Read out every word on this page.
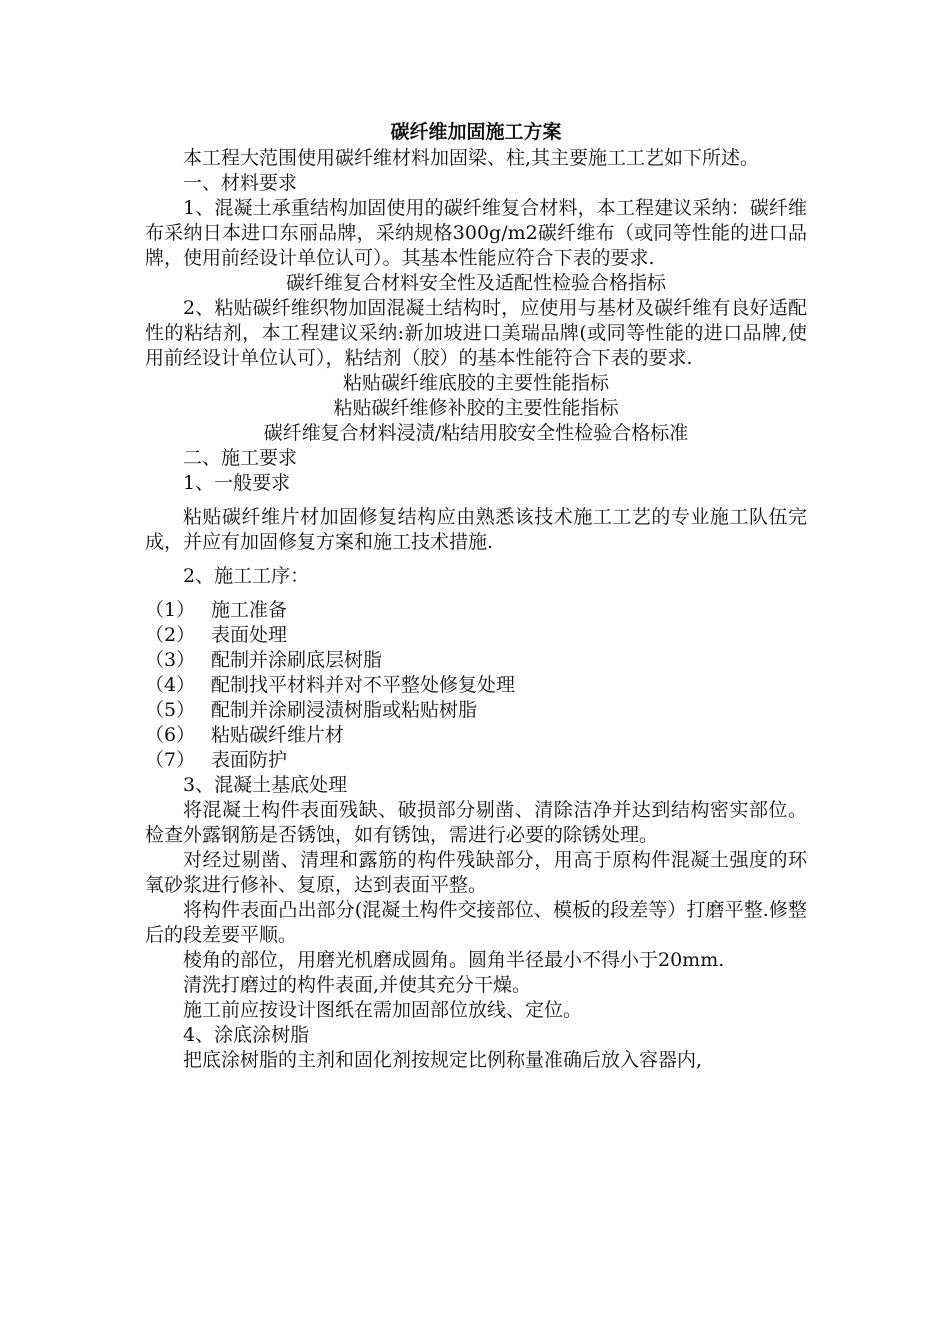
碳纤维加固施工方案

本工程大范围使用碳纤维材料加固梁、柱,其主要施工工艺如下所述。

一、材料要求

1、混凝土承重结构加固使用的碳纤维复合材料，本工程建议采纳：碳纤维布采纳日本进口东丽品牌，采纳规格300g/m2碳纤维布（或同等性能的进口品牌，使用前经设计单位认可）。其基本性能应符合下表的要求.

碳纤维复合材料安全性及适配性检验合格指标

2、粘贴碳纤维织物加固混凝土结构时，应使用与基材及碳纤维有良好适配性的粘结剂，本工程建议采纳:新加坡进口美瑞品牌(或同等性能的进口品牌,使用前经设计单位认可），粘结剂（胶）的基本性能符合下表的要求.

粘贴碳纤维底胶的主要性能指标

粘贴碳纤维修补胶的主要性能指标

碳纤维复合材料浸渍/粘结用胶安全性检验合格标准

二、施工要求

1、一般要求

粘贴碳纤维片材加固修复结构应由熟悉该技术施工工艺的专业施工队伍完成，并应有加固修复方案和施工技术措施.

2、施工工序：

（1） 施工准备
（2） 表面处理
（3） 配制并涂刷底层树脂
（4） 配制找平材料并对不平整处修复处理
（5） 配制并涂刷浸渍树脂或粘贴树脂
（6） 粘贴碳纤维片材
（7） 表面防护

3、混凝土基底处理

将混凝土构件表面残缺、破损部分剔凿、清除洁净并达到结构密实部位。检查外露钢筋是否锈蚀，如有锈蚀，需进行必要的除锈处理。

对经过剔凿、清理和露筋的构件残缺部分，用高于原构件混凝土强度的环氧砂浆进行修补、复原，达到表面平整。

将构件表面凸出部分(混凝土构件交接部位、模板的段差等）打磨平整.修整后的段差要平顺。

棱角的部位，用磨光机磨成圆角。圆角半径最小不得小于20mm.

清洗打磨过的构件表面,并使其充分干燥。

施工前应按设计图纸在需加固部位放线、定位。

4、涂底涂树脂

把底涂树脂的主剂和固化剂按规定比例称量准确后放入容器内,
